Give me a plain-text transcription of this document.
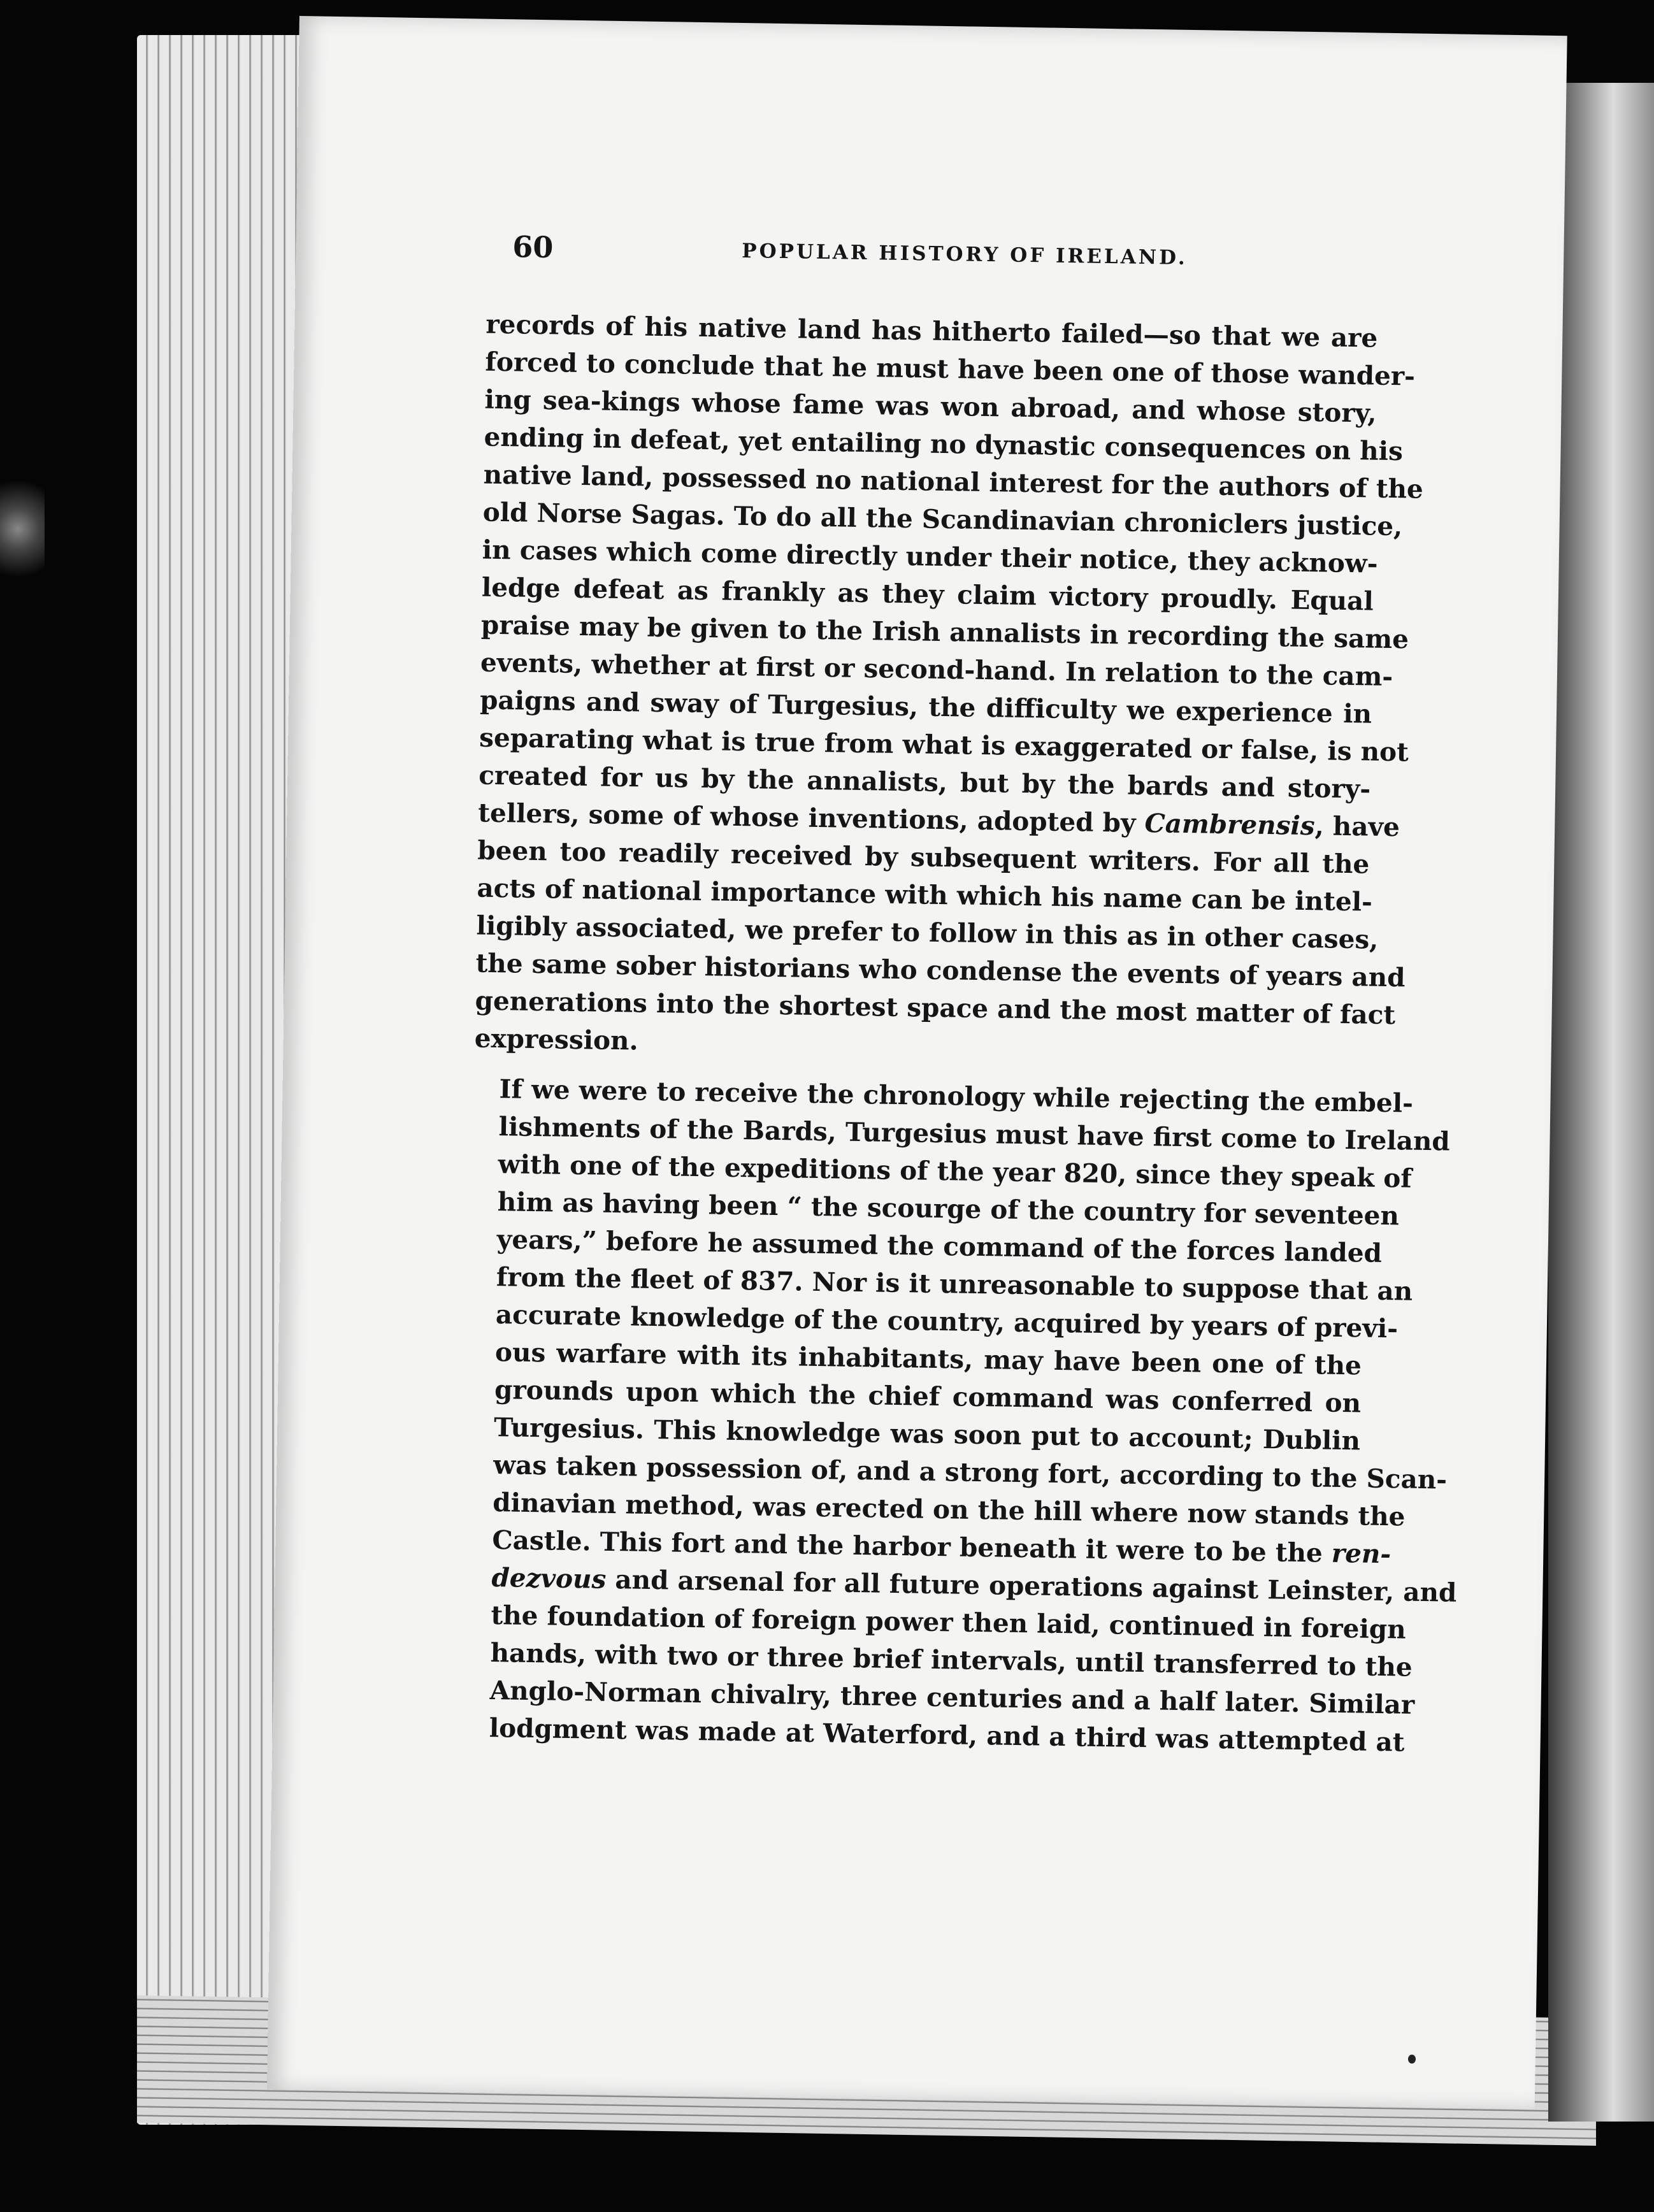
60	POPULAR HISTORY OF IRELAND.
records of his native land has hitherto failed—so that we are
forced to conclude that he must have been one of those wander-
ing sea-kings whose fame was won abroad, and whose story,
ending in defeat, yet entailing no dynastic consequences on his
native land, possessed no national interest for the authors of the
old Norse Sagas. To do all the Scandinavian chroniclers justice,
in cases which come directly under their notice, they acknow-
ledge defeat as frankly as they claim victory proudly. Equal
praise may be given to the Irish annalists in recording the same
events, whether at first or second-hand. In relation to the cam-
paigns and sway of Turgesius, the difficulty we experience in
separating what is true from what is exaggerated or false, is not
created for us by the annalists, but by the bards and story-
tellers, some of whose inventions, adopted by Cambrensis, have
been too readily received by subsequent writers. For all the
acts of national importance with which his name can be intel-
ligibly associated, we prefer to follow in this as in other cases,
the same sober historians who condense the events of years and
generations into the shortest space and the most matter of fact
expression.
If we were to receive the chronology while rejecting the embel-
lishments of the Bards, Turgesius must have first come to Ireland
with one of the expeditions of the year 820, since they speak of
him as having been “ the scourge of the country for seventeen
years,” before he assumed the command of the forces landed
from the fleet of 837. Nor is it unreasonable to suppose that an
accurate knowledge of the country, acquired by years of previ-
ous warfare with its inhabitants, may have been one of the
grounds upon which the chief command was conferred on
Turgesius. This knowledge was soon put to account; Dublin
was taken possession of, and a strong fort, according to the Scan-
dinavian method, was erected on the hill where now stands the
Castle. This fort and the harbor beneath it were to be the ren-
dezvous and arsenal for all future operations against Leinster, and
the foundation of foreign power then laid, continued in foreign
hands, with two or three brief intervals, until transferred to the
Anglo-Norman chivalry, three centuries and a half later. Similar
lodgment was made at Waterford, and a third was attempted at
